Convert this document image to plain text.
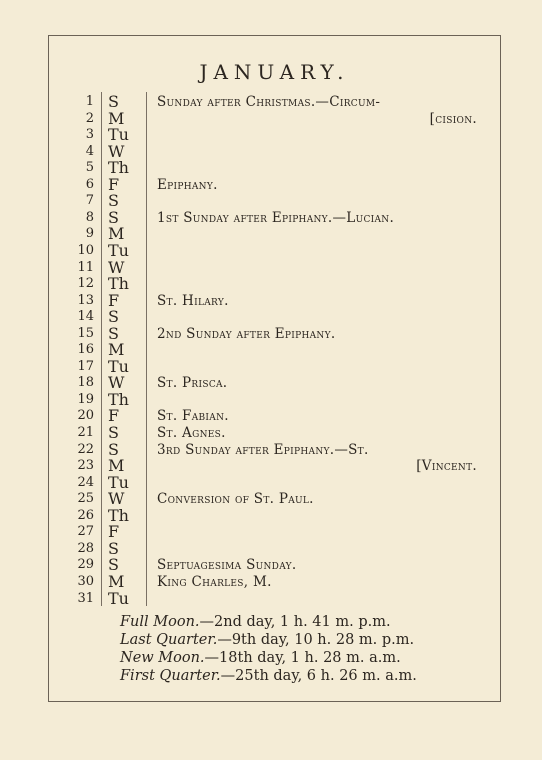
JANUARY.
1 S	Sunday after Christmas.—Circum-
2 M	[cision.
3 Tu
4 W
5 Th
6 F	Epiphany.
7 S
8 S	1st Sunday after Epiphany.—Lucian.
9 M
10 Tu
11 W
12 Th
13 F	St. Hilary.
14 S
15 S	2nd Sunday after Epiphany.
16 M
17 Tu
18 W	St. Prisca.
19 Th
20 F	St. Fabian.
21 S	St. Agnes.
22 S	3rd Sunday after Epiphany.—St.
23 M	[Vincent.
24 Tu
25 W	Conversion of St. Paul.
26 Th
27 F
28 S
29 S	Septuagesima Sunday.
30 M	King Charles, M.
31 Tu
Full Moon.—2nd day, 1 h. 41 m. p.m.
Last Quarter.—9th day, 10 h. 28 m. p.m.
New Moon.—18th day, 1 h. 28 m. a.m.
First Quarter.—25th day, 6 h. 26 m. a.m.
